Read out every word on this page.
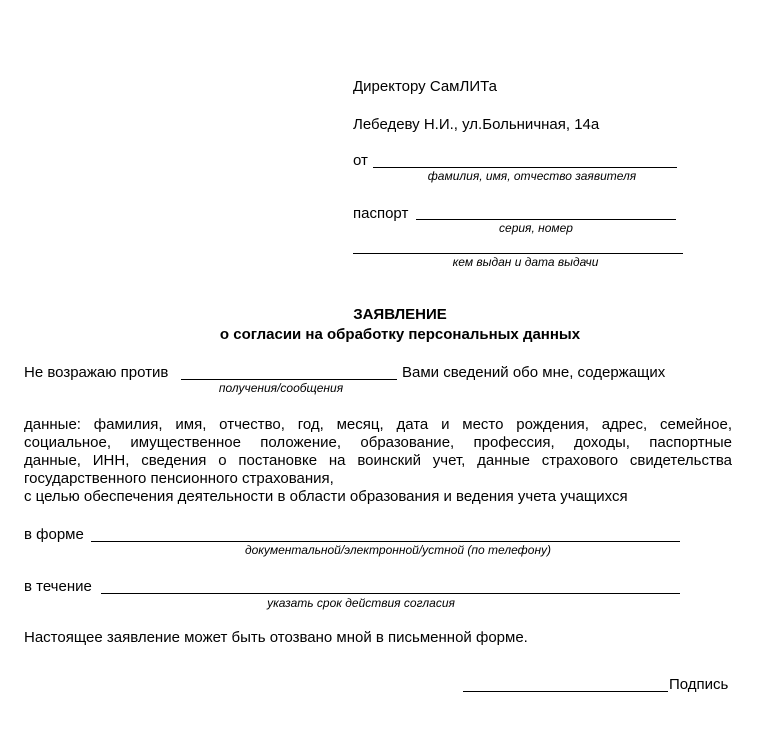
Директору СамЛИТа
Лебедеву Н.И., ул.Больничная, 14а
от
фамилия, имя, отчество заявителя
паспорт
серия, номер
кем выдан и дата выдачи
ЗАЯВЛЕНИЕ
о согласии на обработку персональных данных
Не возражаю против	Вами сведений обо мне, содержащих
получения/сообщения
данные: фамилия, имя, отчество, год, месяц, дата и место рождения, адрес, семейное,
социальное, имущественное положение, образование, профессия, доходы, паспортные
данные, ИНН, сведения о постановке на воинский учет, данные страхового свидетельства
государственного пенсионного страхования,
с целью обеспечения деятельности в области образования и ведения учета учащихся
в форме
документальной/электронной/устной (по телефону)
в течение
указать срок действия согласия
Настоящее заявление может быть отозвано мной в письменной форме.
Подпись
